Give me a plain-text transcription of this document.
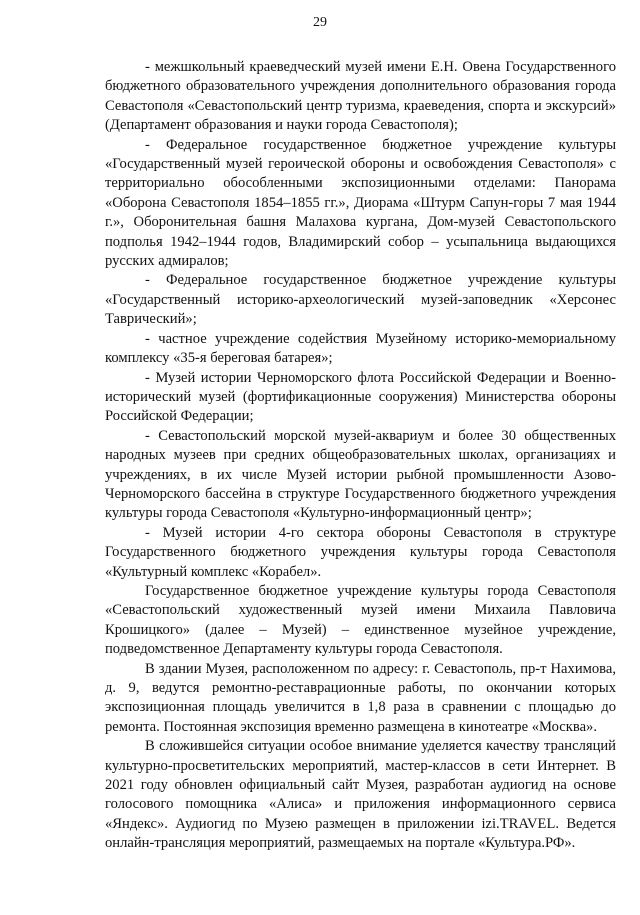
29

- межшкольный краеведческий музей имени Е.Н. Овена Государственного бюджетного образовательного учреждения дополнительного образования города Севастополя «Севастопольский центр туризма, краеведения, спорта и экскурсий» (Департамент образования и науки города Севастополя);

- Федеральное государственное бюджетное учреждение культуры «Государственный музей героической обороны и освобождения Севастополя» с территориально обособленными экспозиционными отделами: Панорама «Оборона Севастополя 1854–1855 гг.», Диорама «Штурм Сапун-горы 7 мая 1944 г.», Оборонительная башня Малахова кургана, Дом-музей Севастопольского подполья 1942–1944 годов, Владимирский собор – усыпальница выдающихся русских адмиралов;

- Федеральное государственное бюджетное учреждение культуры «Государственный историко-археологический музей-заповедник «Херсонес Таврический»;

- частное учреждение содействия Музейному историко-мемориальному комплексу «35-я береговая батарея»;

- Музей истории Черноморского флота Российской Федерации и Военно-исторический музей (фортификационные сооружения) Министерства обороны Российской Федерации;

- Севастопольский морской музей-аквариум и более 30 общественных народных музеев при средних общеобразовательных школах, организациях и учреждениях, в их числе Музей истории рыбной промышленности Азово-Черноморского бассейна в структуре Государственного бюджетного учреждения культуры города Севастополя «Культурно-информационный центр»;

- Музей истории 4-го сектора обороны Севастополя в структуре Государственного бюджетного учреждения культуры города Севастополя «Культурный комплекс «Корабел».

Государственное бюджетное учреждение культуры города Севастополя «Севастопольский художественный музей имени Михаила Павловича Крошицкого» (далее – Музей) – единственное музейное учреждение, подведомственное Департаменту культуры города Севастополя.

В здании Музея, расположенном по адресу: г. Севастополь, пр-т Нахимова, д. 9, ведутся ремонтно-реставрационные работы, по окончании которых экспозиционная площадь увеличится в 1,8 раза в сравнении с площадью до ремонта. Постоянная экспозиция временно размещена в кинотеатре «Москва».

В сложившейся ситуации особое внимание уделяется качеству трансляций культурно-просветительских мероприятий, мастер-классов в сети Интернет. В 2021 году обновлен официальный сайт Музея, разработан аудиогид на основе голосового помощника «Алиса» и приложения информационного сервиса «Яндекс». Аудиогид по Музею размещен в приложении izi.TRAVEL. Ведется онлайн-трансляция мероприятий, размещаемых на портале «Культура.РФ».
